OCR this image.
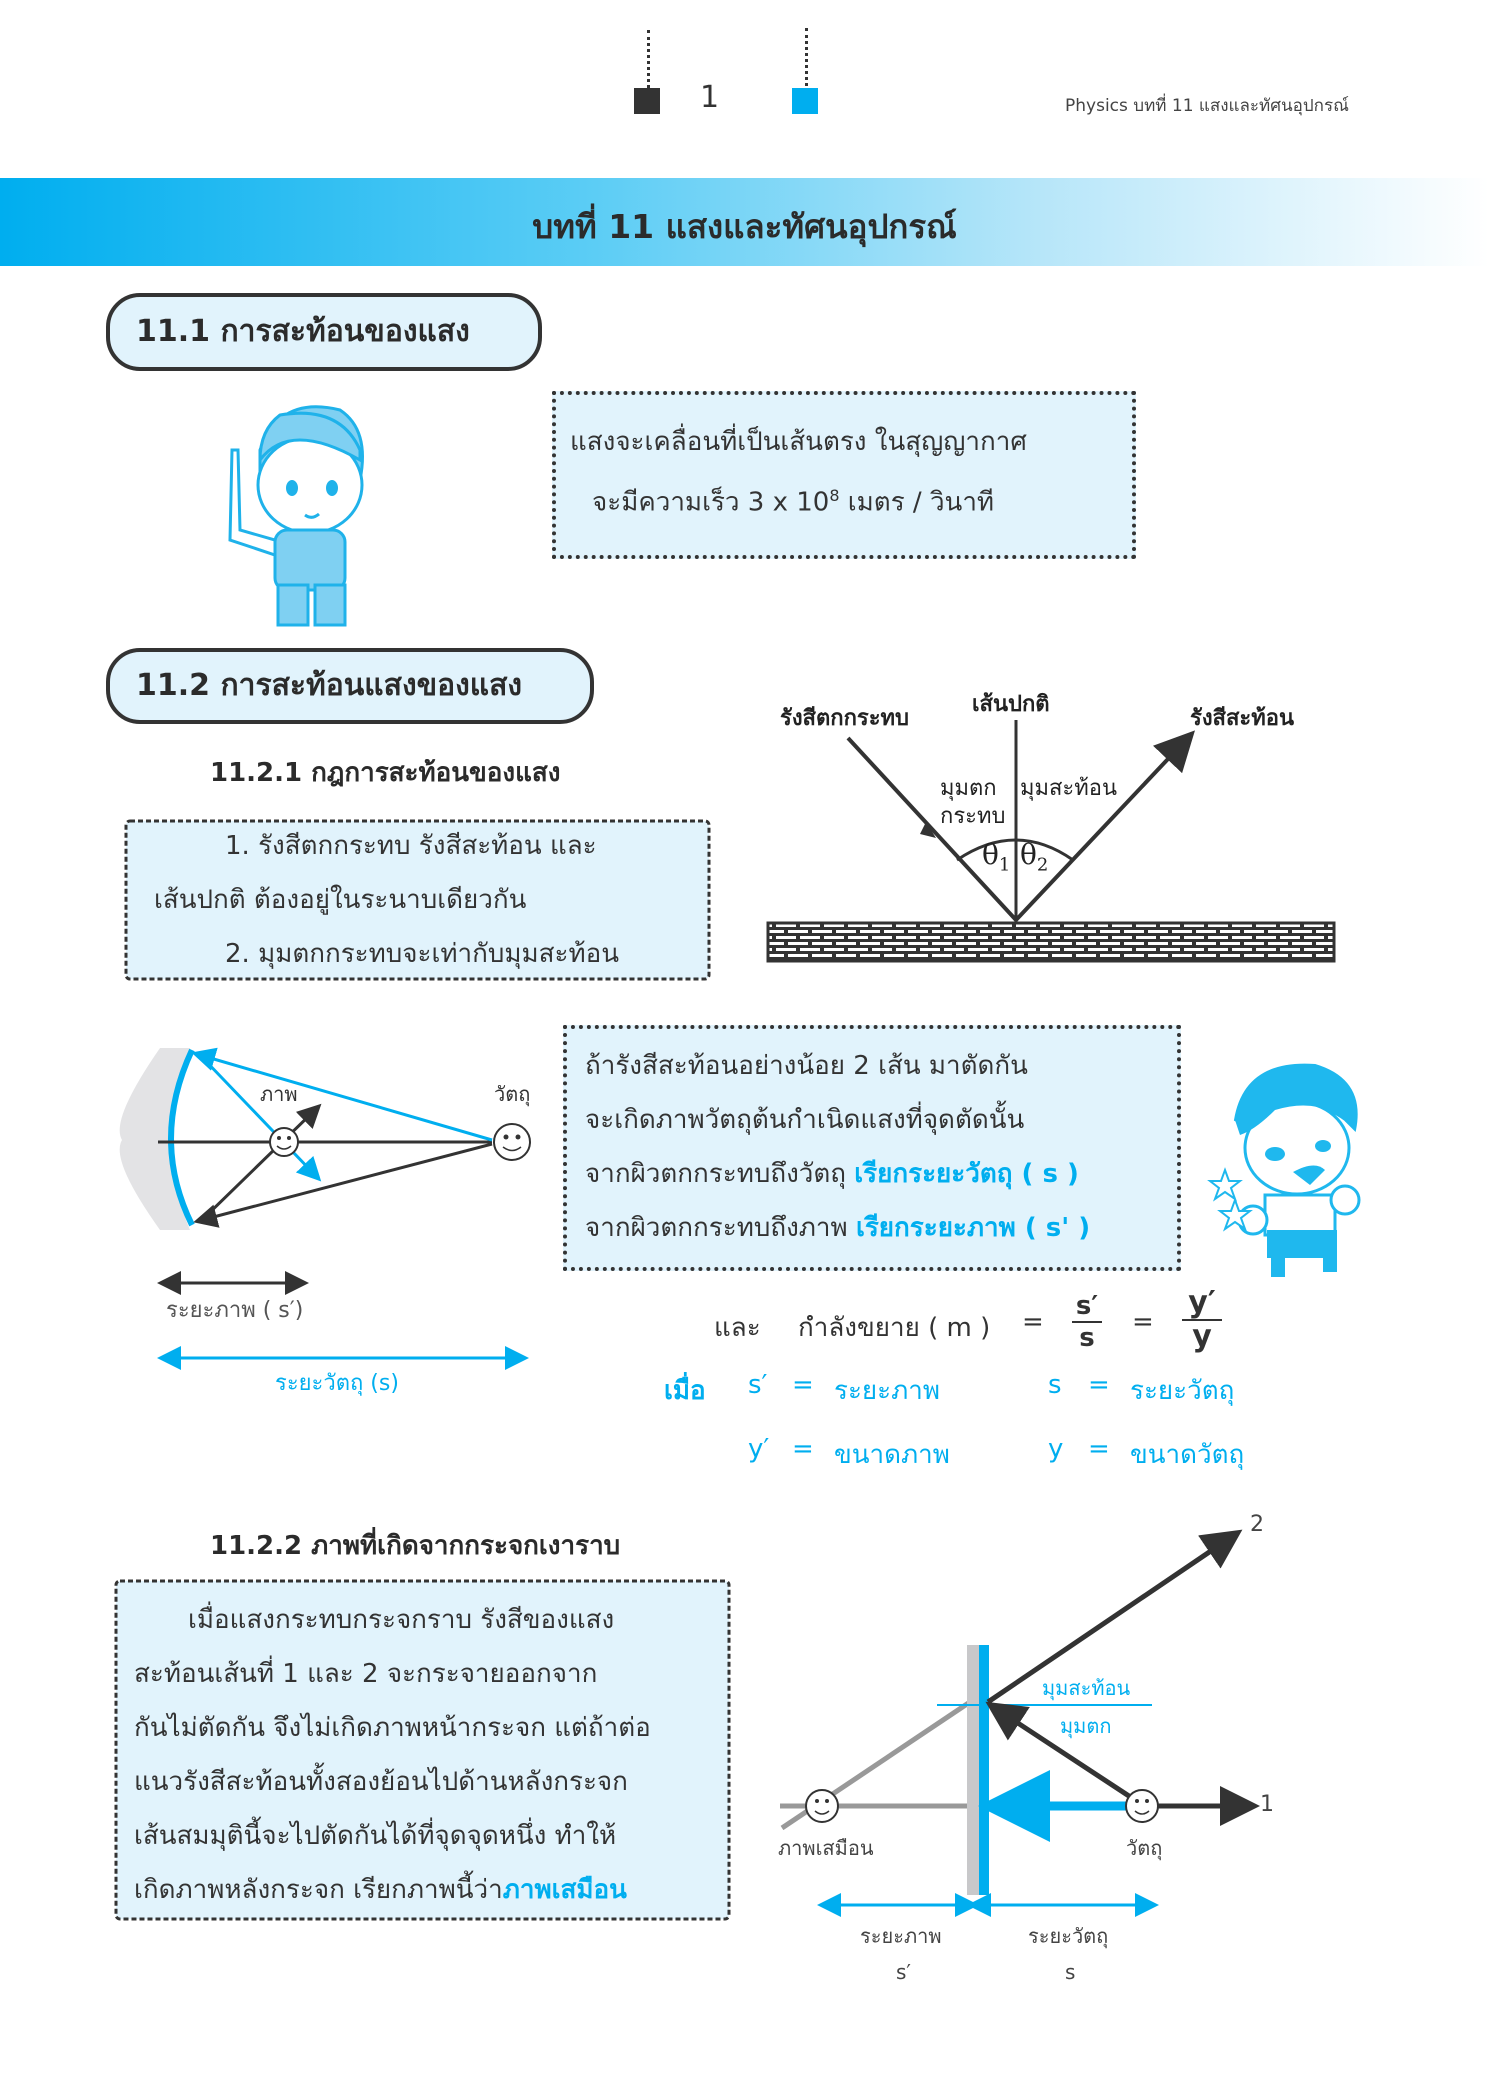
1	Physics บทที่ 11 แสงและทัศนอุปกรณ์
บทที่ 11 แสงและทัศนอุปกรณ์
11.1 การสะท้อนของแสง
แสงจะเคลื่อนที่เป็นเส้นตรง ในสุญญากาศ
จะมีความเร็ว 3 x $10^8$ เมตร / วินาที
11.2 การสะท้อนแสงของแสง
11.2.1 กฎการสะท้อนของแสง
1. รังสีตกกระทบ รังสีสะท้อน และ
เส้นปกติ ต้องอยู่ในระนาบเดียวกัน
2. มุมตกกระทบจะเท่ากับมุมสะท้อน
รังสีตกกระทบ
เส้นปกติ
รังสีสะท้อน
มุมตก
กระทบ
มุมสะท้อน
$\theta_1$ $\theta_2$
ภาพ	วัตถุ
ระยะภาพ ( s′)
ระยะวัตถุ (s)
ถ้ารังสีสะท้อนอย่างน้อย 2 เส้น มาตัดกัน
จะเกิดภาพวัตถุต้นกำเนิดแสงที่จุดตัดนั้น
จากผิวตกกระทบถึงวัตถุ เรียกระยะวัตถุ ( s )
จากผิวตกกระทบถึงภาพ เรียกระยะภาพ ( s' )
และ กำลังขยาย ( m ) =
s′
s
=
y′
y
เมื่อ s′ = ระยะภาพ	s = ระยะวัตถุ
y′ = ขนาดภาพ	y = ขนาดวัตถุ
11.2.2 ภาพที่เกิดจากกระจกเงาราบ
เมื่อแสงกระทบกระจกราบ รังสีของแสง
สะท้อนเส้นที่ 1 และ 2 จะกระจายออกจาก
กันไม่ตัดกัน จึงไม่เกิดภาพหน้ากระจก แต่ถ้าต่อ
แนวรังสีสะท้อนทั้งสองย้อนไปด้านหลังกระจก
เส้นสมมุตินี้จะไปตัดกันได้ที่จุดจุดหนึ่ง ทำให้
เกิดภาพหลังกระจก เรียกภาพนี้ว่าภาพเสมือน
2
1
มุมสะท้อน
มุมตก
ภาพเสมือน	วัตถุ
ระยะภาพ
s′
ระยะวัตถุ
s
